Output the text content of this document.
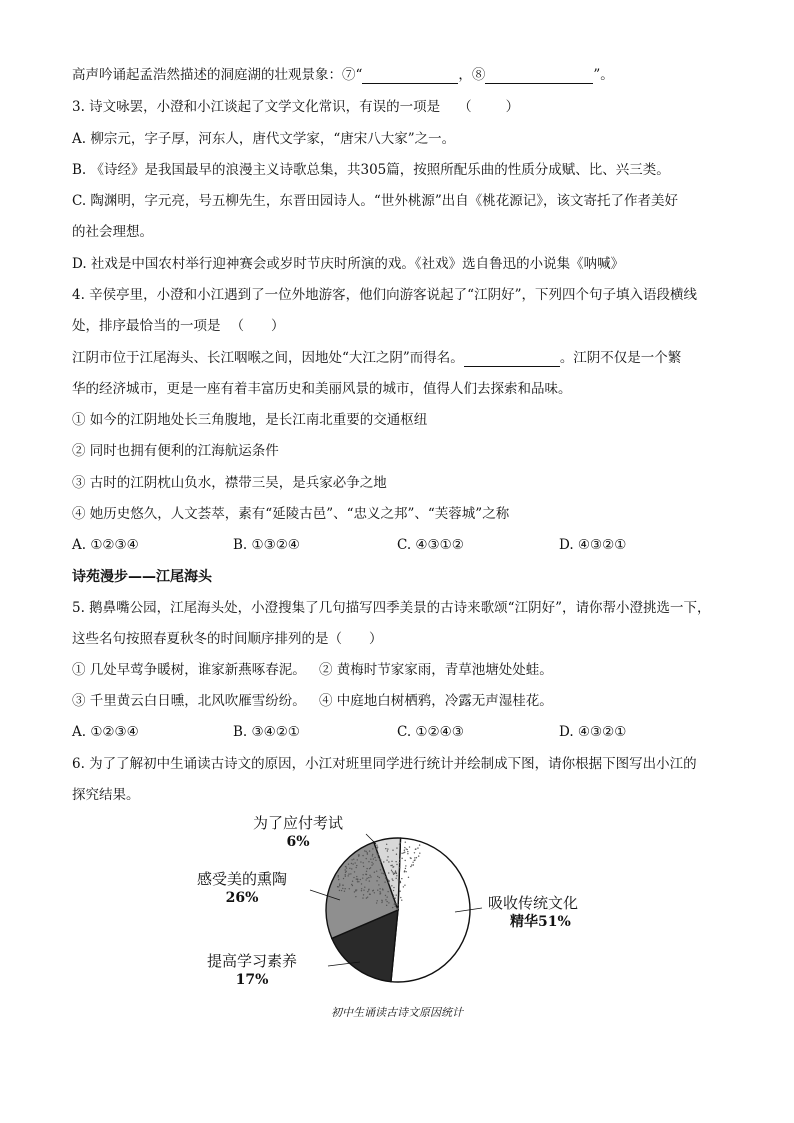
高声吟诵起孟浩然描述的洞庭湖的壮观景象：⑦“	，⑧	”。
3. 诗文咏罢，小澄和小江谈起了文学文化常识，有误的一项是 （	）
A. 柳宗元，字子厚，河东人，唐代文学家，“唐宋八大家”之一。
B. 《诗经》是我国最早的浪漫主义诗歌总集，共305篇，按照所配乐曲的性质分成赋、比、兴三类。
C. 陶渊明，字元亮，号五柳先生，东晋田园诗人。“世外桃源”出自《桃花源记》，该文寄托了作者美好
的社会理想。
D. 社戏是中国农村举行迎神赛会或岁时节庆时所演的戏。《社戏》选自鲁迅的小说集《呐喊》
4. 辛侯亭里，小澄和小江遇到了一位外地游客，他们向游客说起了“江阴好”，下列四个句子填入语段横线
处，排序最恰当的一项是 （　　）
江阴市位于江尾海头、长江咽喉之间，因地处“大江之阴”而得名。	。江阴不仅是一个繁
华的经济城市，更是一座有着丰富历史和美丽风景的城市，值得人们去探索和品味。
① 如今的江阴地处长三角腹地，是长江南北重要的交通枢纽
② 同时也拥有便利的江海航运条件
③ 古时的江阴枕山负水，襟带三吴，是兵家必争之地
④ 她历史悠久，人文荟萃，素有“延陵古邑”、“忠义之邦”、“芙蓉城”之称
A. ①②③④	B. ①③②④	C. ④③①②	D. ④③②①
诗苑漫步——江尾海头
5. 鹅鼻嘴公园，江尾海头处，小澄搜集了几句描写四季美景的古诗来歌颂“江阴好”，请你帮小澄挑选一下，
这些名句按照春夏秋冬的时间顺序排列的是（　　）
① 几处早莺争暖树，谁家新燕啄春泥。 ② 黄梅时节家家雨，青草池塘处处蛙。
③ 千里黄云白日曛，北风吹雁雪纷纷。 ④ 中庭地白树栖鸦，冷露无声湿桂花。
A. ①②③④	B. ③④②①	C. ①②④③	D. ④③②①
6. 为了了解初中生诵读古诗文的原因，小江对班里同学进行统计并绘制成下图，请你根据下图写出小江的
探究结果。
吸收传统文化
精华51%
提高学习素养
17%
感受美的熏陶
26%
为了应付考试
6%
初中生诵读古诗文原因统计
